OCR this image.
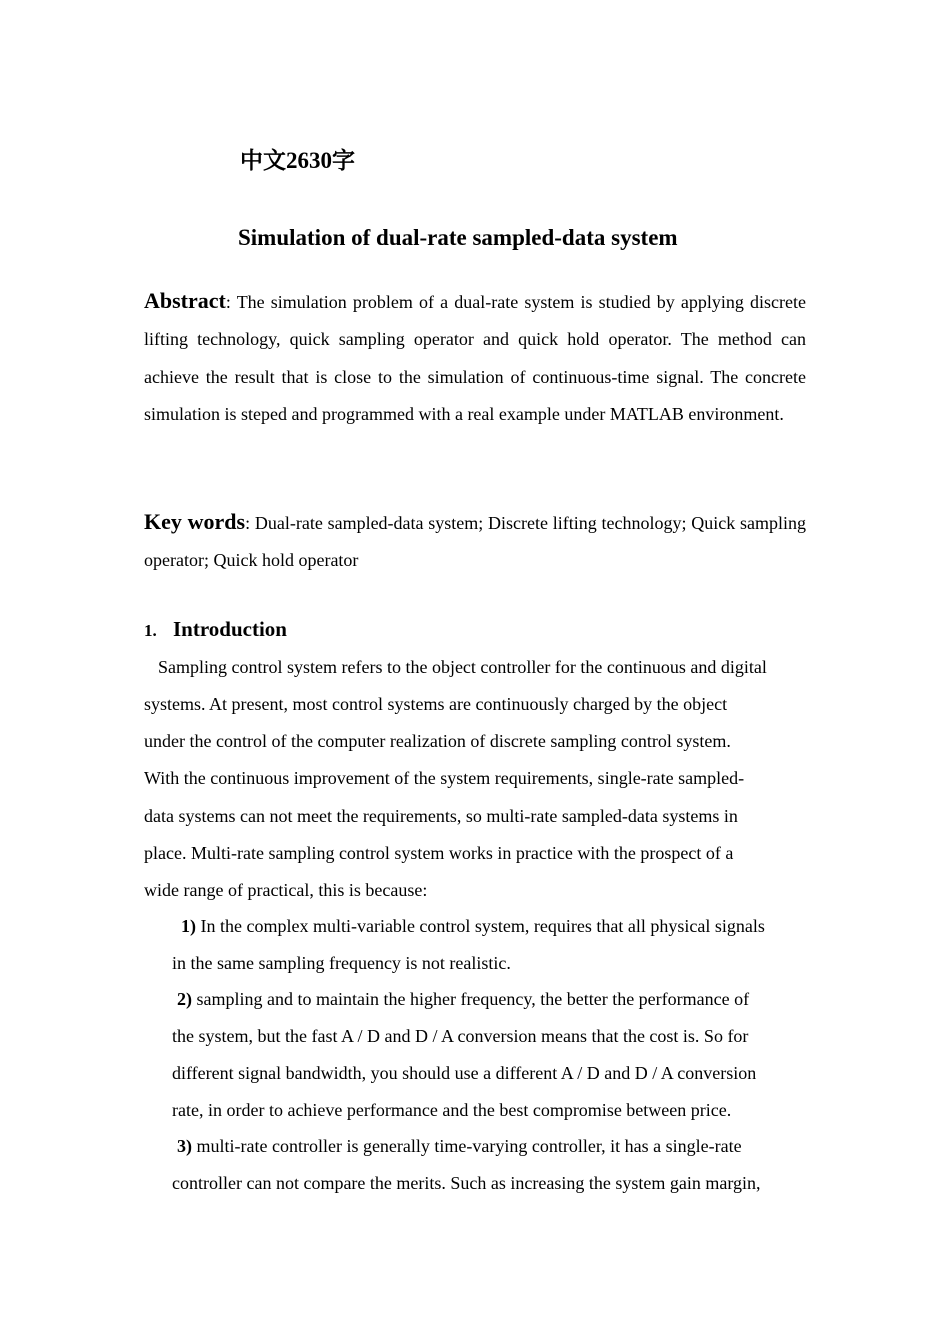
中文2630字
Simulation of dual-rate sampled-data system
Abstract: The simulation problem of a dual-rate system is studied by applying discrete lifting technology, quick sampling operator and quick hold operator. The method can achieve the result that is close to the simulation of continuous-time signal. The concrete simulation is steped and programmed with a real example under MATLAB environment.
Key words: Dual-rate sampled-data system; Discrete lifting technology; Quick sampling operator; Quick hold operator
1. Introduction
Sampling control system refers to the object controller for the continuous and digital
systems. At present, most control systems are continuously charged by the object
under the control of the computer realization of discrete sampling control system.
With the continuous improvement of the system requirements, single-rate sampled-
data systems can not meet the requirements, so multi-rate sampled-data systems in
place. Multi-rate sampling control system works in practice with the prospect of a
wide range of practical, this is because:
1) In the complex multi-variable control system, requires that all physical signals
in the same sampling frequency is not realistic.
2) sampling and to maintain the higher frequency, the better the performance of
the system, but the fast A / D and D / A conversion means that the cost is. So for
different signal bandwidth, you should use a different A / D and D / A conversion
rate, in order to achieve performance and the best compromise between price.
3) multi-rate controller is generally time-varying controller, it has a single-rate
controller can not compare the merits. Such as increasing the system gain margin,
